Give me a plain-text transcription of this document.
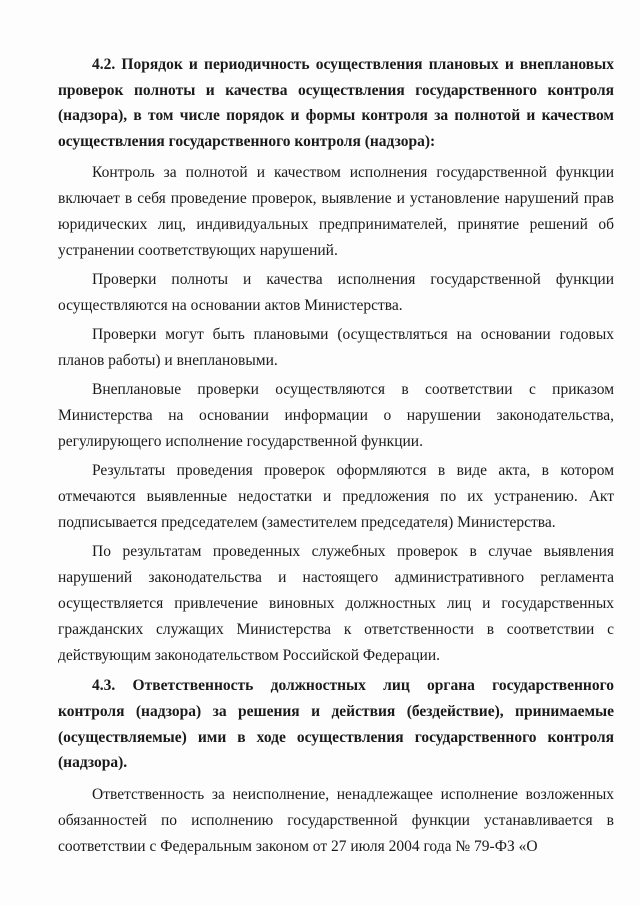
4.2. Порядок и периодичность осуществления плановых и внеплановых проверок полноты и качества осуществления государственного контроля (надзора), в том числе порядок и формы контроля за полнотой и качеством осуществления государственного контроля (надзора):

Контроль за полнотой и качеством исполнения государственной функции включает в себя проведение проверок, выявление и установление нарушений прав юридических лиц, индивидуальных предпринимателей, принятие решений об устранении соответствующих нарушений.

Проверки полноты и качества исполнения государственной функции осуществляются на основании актов Министерства.

Проверки могут быть плановыми (осуществляться на основании годовых планов работы) и внеплановыми.

Внеплановые проверки осуществляются в соответствии с приказом Министерства на основании информации о нарушении законодательства, регулирующего исполнение государственной функции.

Результаты проведения проверок оформляются в виде акта, в котором отмечаются выявленные недостатки и предложения по их устранению. Акт подписывается председателем (заместителем председателя) Министерства.

По результатам проведенных служебных проверок в случае выявления нарушений законодательства и настоящего административного регламента осуществляется привлечение виновных должностных лиц и государственных гражданских служащих Министерства к ответственности в соответствии с действующим законодательством Российской Федерации.

4.3. Ответственность должностных лиц органа государственного контроля (надзора) за решения и действия (бездействие), принимаемые (осуществляемые) ими в ходе осуществления государственного контроля (надзора).

Ответственность за неисполнение, ненадлежащее исполнение возложенных обязанностей по исполнению государственной функции устанавливается в соответствии с Федеральным законом от 27 июля 2004 года № 79-ФЗ «О
